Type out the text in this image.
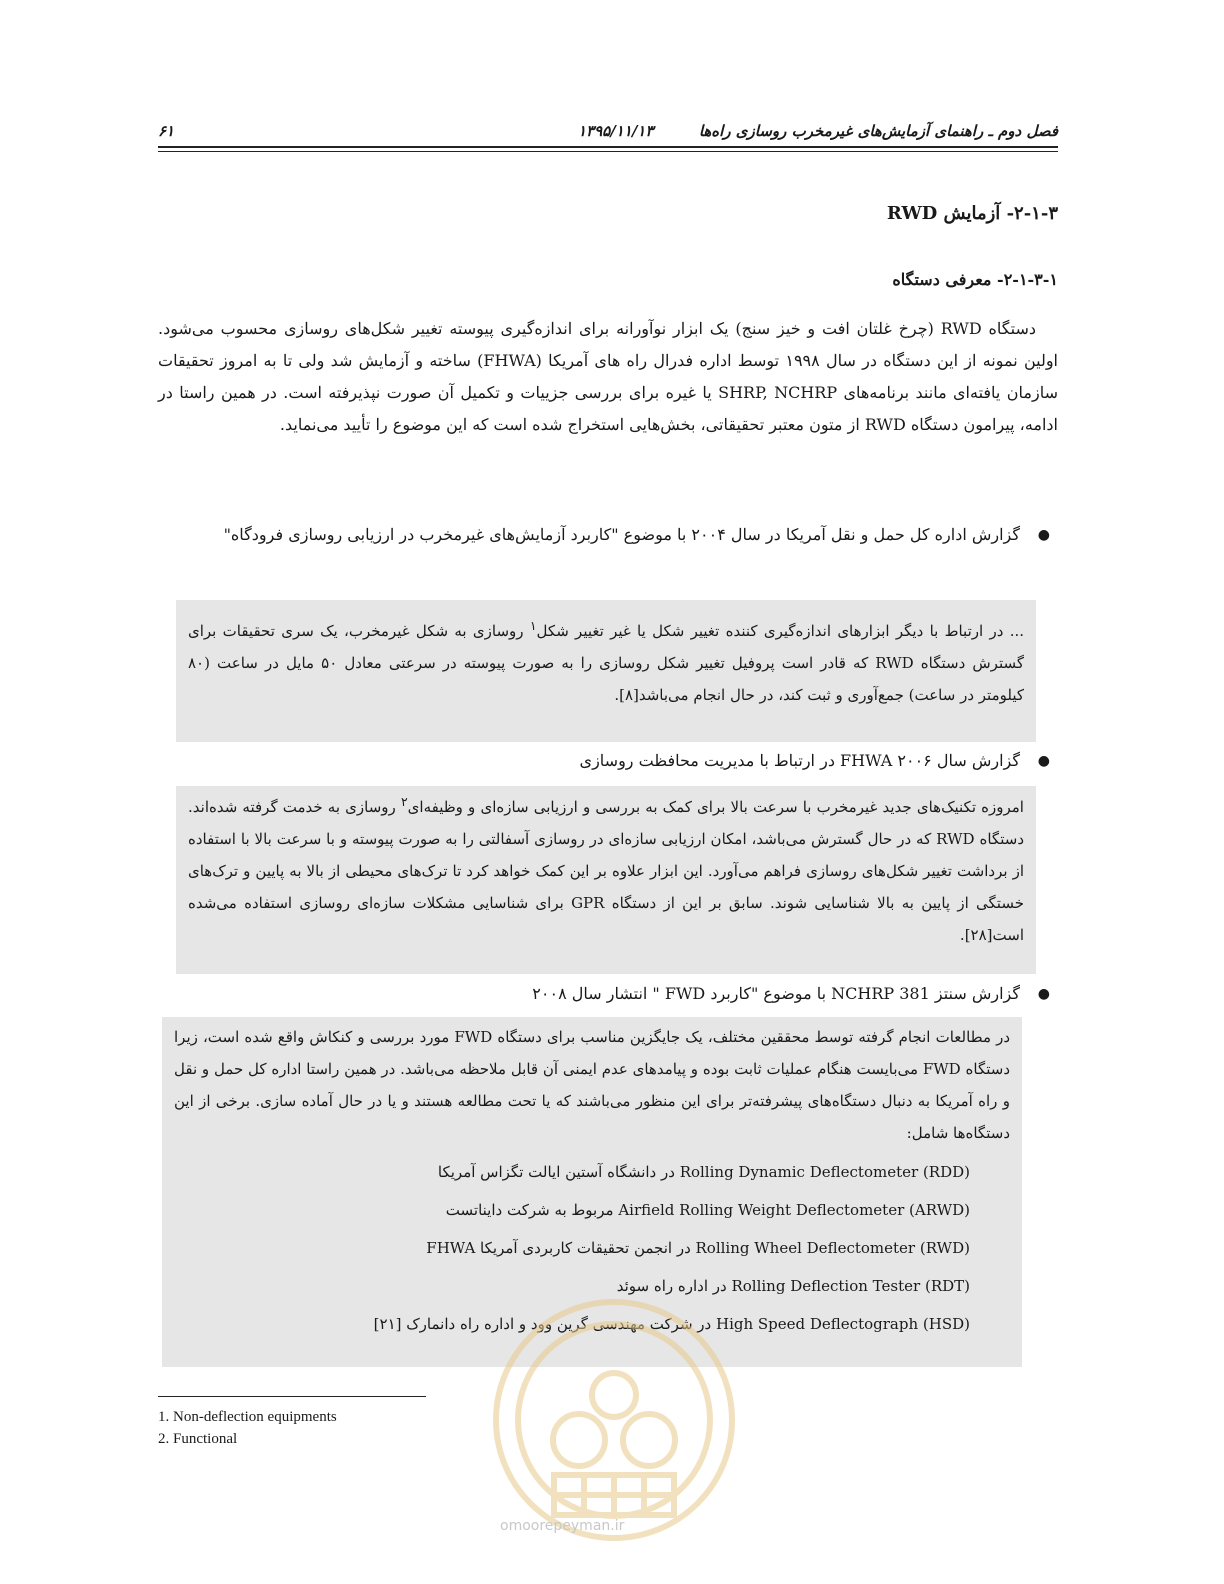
فصل دوم ـ راهنمای آزمایش‌های غیرمخرب روسازی راه‌ها
۱۳۹۵/۱۱/۱۳
۶۱
۲-۱-۳- آزمایش RWD
۲-۱-۳-۱- معرفی دستگاه
دستگاه RWD (چرخ غلتان افت و خیز سنج) یک ابزار نوآورانه برای اندازه‌گیری پیوسته تغییر شکل‌های روسازی محسوب می‌شود. اولین نمونه از این دستگاه در سال ۱۹۹۸ توسط اداره فدرال راه های آمریکا (FHWA) ساخته و آزمایش شد ولی تا به امروز تحقیقات سازمان یافته‌ای مانند برنامه‌های SHRP, NCHRP یا غیره برای بررسی جزییات و تکمیل آن صورت نپذیرفته است. در همین راستا در ادامه، پیرامون دستگاه RWD از متون معتبر تحقیقاتی، بخش‌هایی استخراج شده است که این موضوع را تأیید می‌نماید.
●
گزارش اداره کل حمل و نقل آمریکا در سال ۲۰۰۴ با موضوع "کاربرد آزمایش‌های غیرمخرب در ارزیابی روسازی فرودگاه"
... در ارتباط با دیگر ابزارهای اندازه‌گیری کننده تغییر شکل یا غیر تغییر شکل$^۱$ روسازی به شکل غیرمخرب، یک سری تحقیقات برای گسترش دستگاه RWD که قادر است پروفیل تغییر شکل روسازی را به صورت پیوسته در سرعتی معادل ۵۰ مایل در ساعت (۸۰ کیلومتر در ساعت) جمع‌آوری و ثبت کند، در حال انجام می‌باشد[۸].
●
گزارش سال ۲۰۰۶ FHWA در ارتباط با مدیریت محافظت روسازی
امروزه تکنیک‌های جدید غیرمخرب با سرعت بالا برای کمک به بررسی و ارزیابی سازه‌ای و وظیفه‌ای$^۲$ روسازی به خدمت گرفته شده‌اند. دستگاه RWD که در حال گسترش می‌باشد، امکان ارزیابی سازه‌ای در روسازی آسفالتی را به صورت پیوسته و با سرعت بالا با استفاده از برداشت تغییر شکل‌های روسازی فراهم می‌آورد. این ابزار علاوه بر این کمک خواهد کرد تا ترک‌های محیطی از بالا به پایین و ترک‌های خستگی از پایین به بالا شناسایی شوند. سابق بر این از دستگاه GPR برای شناسایی مشکلات سازه‌ای روسازی استفاده می‌شده است[۲۸].
●
گزارش سنتز NCHRP 381 با موضوع "کاربرد FWD " انتشار سال ۲۰۰۸
در مطالعات انجام گرفته توسط محققین مختلف، یک جایگزین مناسب برای دستگاه FWD مورد بررسی و کنکاش واقع شده است، زیرا دستگاه FWD می‌بایست هنگام عملیات ثابت بوده و پیامدهای عدم ایمنی آن قابل ملاحظه می‌باشد. در همین راستا اداره کل حمل و نقل و راه آمریکا به دنبال دستگاه‌های پیشرفته‌تر برای این منظور می‌باشند که یا تحت مطالعه هستند و یا در حال آماده سازی. برخی از این دستگاه‌ها شامل:
(RDD) Rolling Dynamic Deflectometer در دانشگاه آستین ایالت تگزاس آمریکا
(ARWD) Airfield Rolling Weight Deflectometer مربوط به شرکت دایناتست
(RWD) Rolling Wheel Deflectometer در انجمن تحقیقات کاربردی آمریکا FHWA
(RDT) Rolling Deflection Tester در اداره راه سوئد
(HSD) High Speed Deflectograph در شرکت مهندسی گرین وود و اداره راه دانمارک [۲۱]
omoorepeyman.ir
1. Non-deflection equipments
2. Functional
